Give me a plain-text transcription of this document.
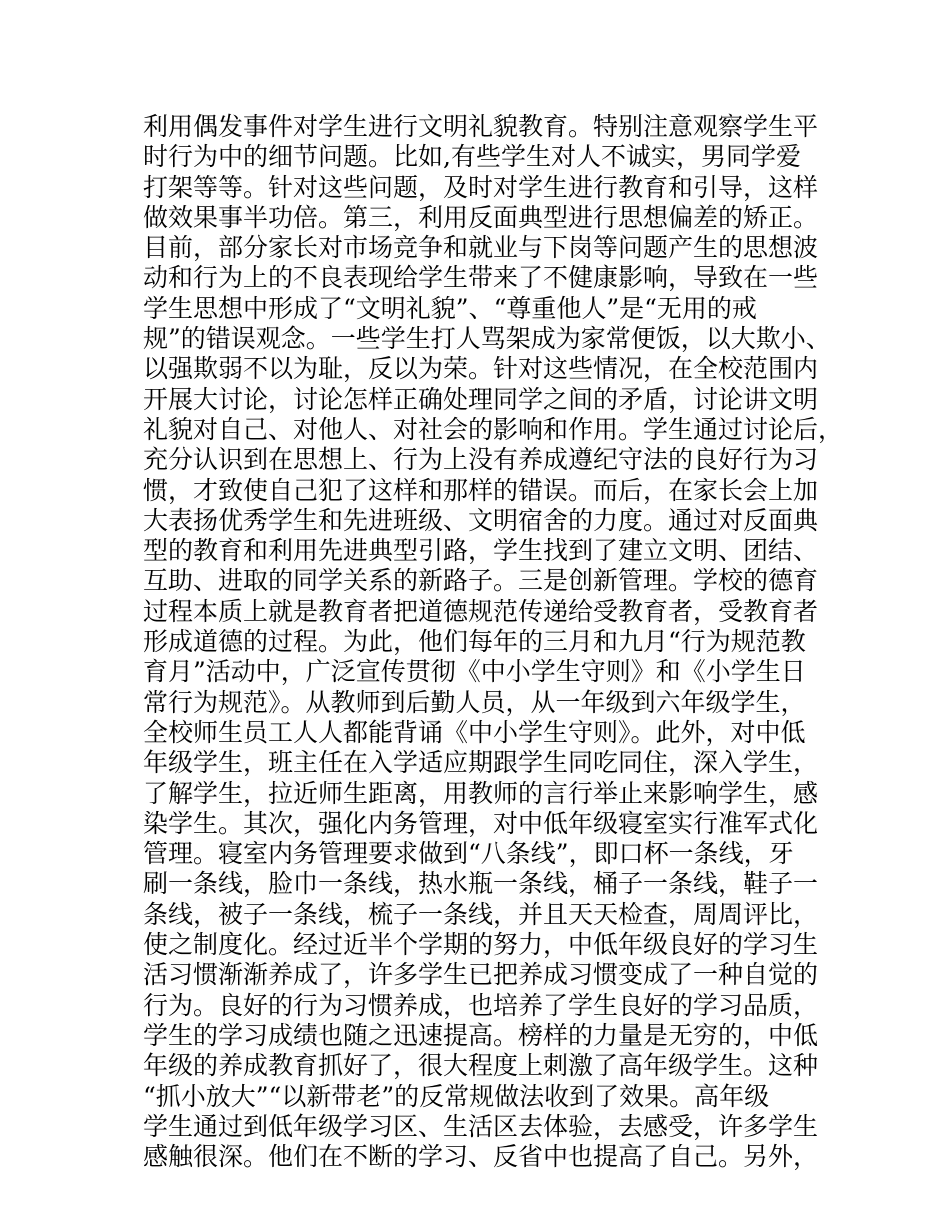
利用偶发事件对学生进行文明礼貌教育。特别注意观察学生平
时行为中的细节问题。比如,有些学生对人不诚实，男同学爱
打架等等。针对这些问题，及时对学生进行教育和引导，这样
做效果事半功倍。第三，利用反面典型进行思想偏差的矫正。
目前，部分家长对市场竞争和就业与下岗等问题产生的思想波
动和行为上的不良表现给学生带来了不健康影响，导致在一些
学生思想中形成了“文明礼貌”、“尊重他人”是“无用的戒
规”的错误观念。一些学生打人骂架成为家常便饭，以大欺小、
以强欺弱不以为耻，反以为荣。针对这些情况，在全校范围内
开展大讨论，讨论怎样正确处理同学之间的矛盾，讨论讲文明
礼貌对自己、对他人、对社会的影响和作用。学生通过讨论后，
充分认识到在思想上、行为上没有养成遵纪守法的良好行为习
惯，才致使自己犯了这样和那样的错误。而后，在家长会上加
大表扬优秀学生和先进班级、文明宿舍的力度。通过对反面典
型的教育和利用先进典型引路，学生找到了建立文明、团结、
互助、进取的同学关系的新路子。三是创新管理。学校的德育
过程本质上就是教育者把道德规范传递给受教育者，受教育者
形成道德的过程。为此，他们每年的三月和九月“行为规范教
育月”活动中，广泛宣传贯彻《中小学生守则》和《小学生日
常行为规范》。从教师到后勤人员，从一年级到六年级学生，
全校师生员工人人都能背诵《中小学生守则》。此外，对中低
年级学生，班主任在入学适应期跟学生同吃同住，深入学生，
了解学生，拉近师生距离，用教师的言行举止来影响学生，感
染学生。其次，强化内务管理，对中低年级寝室实行准军式化
管理。寝室内务管理要求做到“八条线”，即口杯一条线，牙
刷一条线，脸巾一条线，热水瓶一条线，桶子一条线，鞋子一
条线，被子一条线，梳子一条线，并且天天检查，周周评比，
使之制度化。经过近半个学期的努力，中低年级良好的学习生
活习惯渐渐养成了，许多学生已把养成习惯变成了一种自觉的
行为。良好的行为习惯养成，也培养了学生良好的学习品质，
学生的学习成绩也随之迅速提高。榜样的力量是无穷的，中低
年级的养成教育抓好了，很大程度上刺激了高年级学生。这种
“抓小放大”“以新带老”的反常规做法收到了效果。高年级
学生通过到低年级学习区、生活区去体验，去感受，许多学生
感触很深。他们在不断的学习、反省中也提高了自己。另外，
